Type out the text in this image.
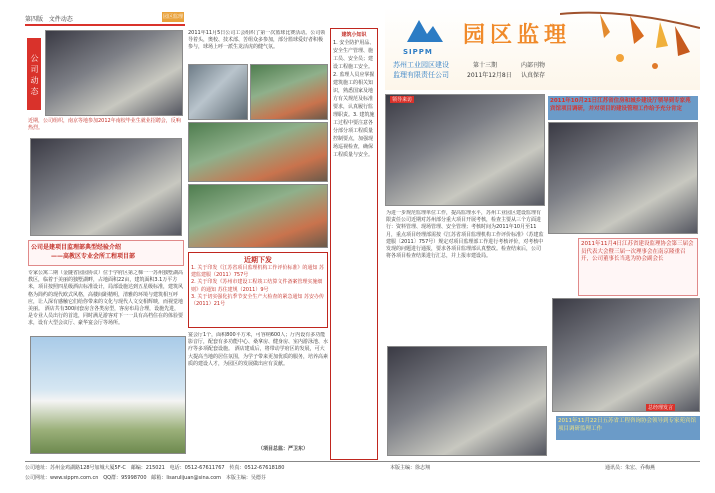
第四版 文件动态	园区监理
公司动态
近期，公司组织，南京等地参加2012年南校毕业生就业招聘会，反响热烈。
公司是建项目监理部典型经验介绍
——高教区专业会所工程项目部
专家公寓二期（金隧省园园协议）位于学府区第之梯一一苏州独墅湖高教区，临着于美丽的独墅湖畔，占地面积22亩，建筑面积3.1万平方米，项目按照四星级酒店标准设计，局部设施达到五星级标准，建筑风格为简约的现代欧式风格，高楼间距精明，清雅的环境与建筑相互呼应，让人深有感触它们给你带来的文化与现代人文交相辉映，而视觉地美丽。 酒店共有300间套房含各类房型，客房布局合理，设施先进，是专业人员出行的首选，同时满足游客对下一一具有高档住在的体验要求，设有大型会议厅、豪华宴会厅等场所。
2011年11月5日公司工会组织了第一次篮球比赛活动。公司领导着头，奥校、技术部、苦组众多参加，部分篮球爱好者积极参与，球场上呼一派生龙活虎的健气氛。
近期下发
1. 关于印发《江苏省项目监理机构工作评价标准》的通知 苏建监建服（2011）757号
2. 关于印发《苏州市建设工程竣工结算文件备案管理实施细则》的通知 苏住建规（2011）9号
3. 关于切实强化抗季节安全生产大检查的紧急通知 苏安办传（2011）21号
宴会厅1个，面积800平方米，可容纳600人；厅内设有多功能影音厅，配套有多功能中心、桑拿房、健身房、室内游泳池、水疗等多项配套设施。 酒店建成后，将带动学府区的发展，可大大提高当地的居住氛围，为学子带来更加优质的服务，培养高素质的建设人才，为园区的发展做出应有贡献。
（项目总监：严卫东）
建筑小知识
1. 安全防护用品、安全生产管理、施工员、安全员；建设工程施工安全。2. 监理人员应掌握建筑施工的相关知识，熟悉国家及地方有关规范及标准要求，认真履行监理职责。3. 建筑施工过程中要注意各分部分项工程质量控制要点，加强现场巡视检查，确保工程质量与安全。
SIPPM
苏州工业园区建设
监理有限责任公司
园区监理
第十三期
2011年12月8日
内部刊物
认真保存
2011年10月21日江苏省住房和城乡建设厅领导到专家苑宾馆项目调研，并对项目的建设管理工作给予充分肯定
领导来访
为进一步规范监理单位工作，提高监理水平，苏州工业园区建设监理有限责任公司近期对苏州部分重大项目开展考核，检查主要从三个方面进行：资料管理、现场管理、安全管理；考核时间为2011年10月至11月，重点项目经理部需按《江苏省项目监理机构工作评价标准》（苏建监建服〔2011〕757号）规定对项目监理部工作进行考核评价，对考核中发现的问题进行通报，要求各项目监理部认真整改。检查结束后，公司将各项目检查结果进行汇总，并上报市建设局。
2011年11月4日江苏省建设监理协会第三届会员代表大会暨三届一次理事会在南京隆重召开，公司董事长当选为协会副会长
总经理发言
2011年11月22日五苏省工程咨询协会领导到专家苑宾馆项目调研监理工作
公司地址：苏州金鸡湖路128号加城大厦5F-C 邮编：215021 电话：0512-67611767 传真：0512-67618180
公司网址：www.sippm.com.cn QQ群：95998700 邮箱：lisarulijuan@sina.com 本版主编：吴德芬
本版主编：徐志翔	通讯员：朱宏、乔梅燕
